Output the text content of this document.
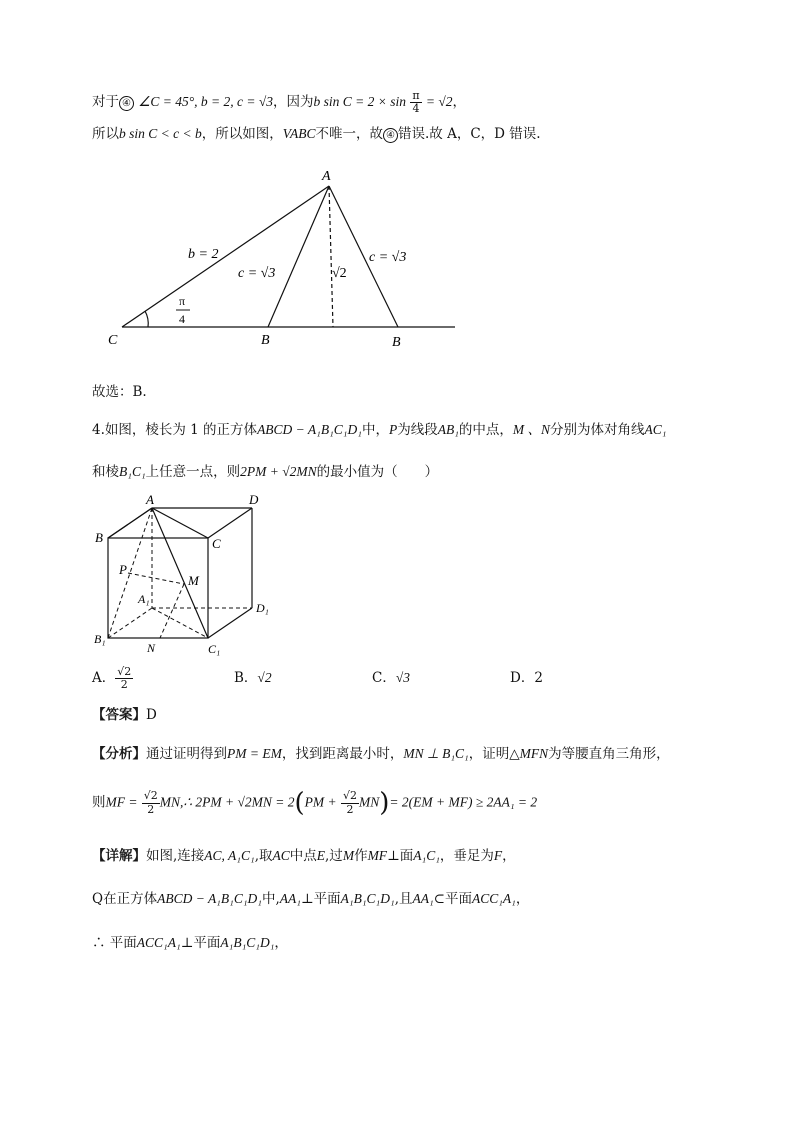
对于 ④ ∠C = 45°, b = 2, c = √3，因为b $\sin C = 2 \times \sin \frac{\pi}{4} = √2$，
所以b sin C < c < b，所以如图，VABC不唯一，故 ④ 错误.故 A，C，D 错误.
A
C	B	B
b = 2
c = √3	√2
c = √3
π
4
故选：B.
4.如图，棱长为 1 的正方体ABCD − A₁B₁C₁D₁中，P为线段AB₁的中点，M 、N分别为体对角线AC₁
和棱B₁C₁上任意一点，则2PM + √2MN的最小值为（　　）
A	D
B	C
P
M
A₁
D₁
B₁
N	C₁
A． $\frac{√2}{2}$	B．√2	C．√3	D．2
【答案】D
【分析】通过证明得到PM = EM，找到距离最小时，MN ⊥ B₁C₁，证明△MFN为等腰直角三角形，
则MF = $\frac{√2}{2}$ MN,∴ $2PM + √2MN = 2(PM + \frac{√2}{2} MN)= 2(EM + MF) \ge 2AA_1 = 2$
【详解】如图,连接AC, A₁C₁,取AC中点E,过M作MF⊥面A₁C₁，垂足为F，
Q在正方体ABCD − A₁B₁C₁D₁中,AA₁⊥平面A₁B₁C₁D₁,且AA₁⊂平面ACC₁A₁，
∴ 平面ACC₁A₁⊥平面A₁B₁C₁D₁，
